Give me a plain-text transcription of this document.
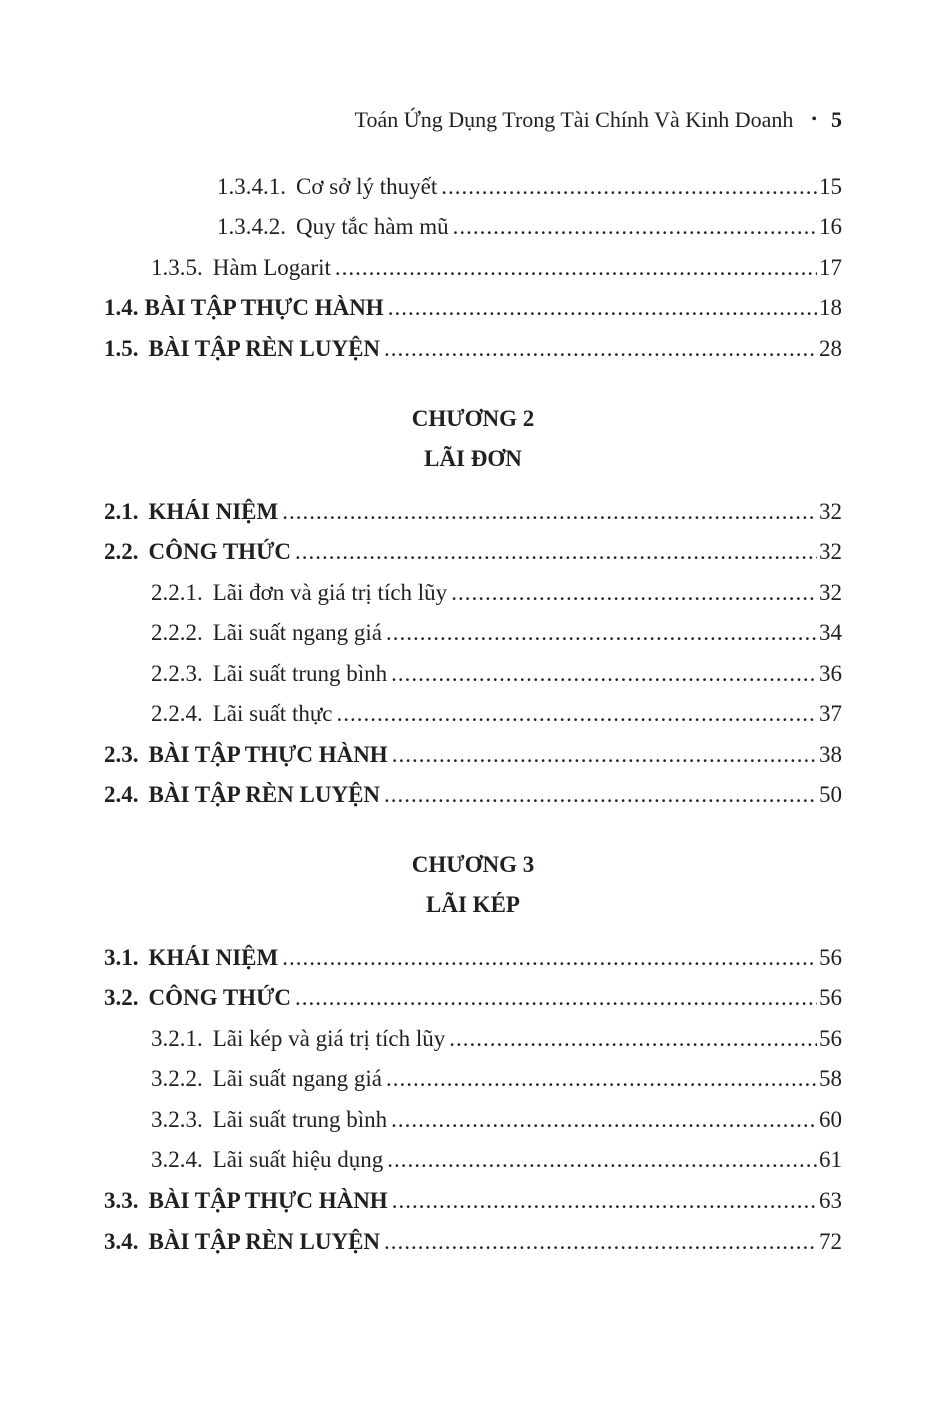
Toán Ứng Dụng Trong Tài Chính Và Kinh Doanh • 5
1.3.4.1. Cơ sở lý thuyết .....	15
1.3.4.2. Quy tắc hàm mũ .....	16
1.3.5. Hàm Logarit .....	17
1.4. BÀI TẬP THỰC HÀNH .....	18
1.5. BÀI TẬP RÈN LUYỆN .....	28
CHƯƠNG 2
LÃI ĐƠN
2.1. KHÁI NIỆM .....	32
2.2. CÔNG THỨC .....	32
2.2.1. Lãi đơn và giá trị tích lũy .....	32
2.2.2. Lãi suất ngang giá .....	34
2.2.3. Lãi suất trung bình .....	36
2.2.4. Lãi suất thực .....	37
2.3. BÀI TẬP THỰC HÀNH .....	38
2.4. BÀI TẬP RÈN LUYỆN .....	50
CHƯƠNG 3
LÃI KÉP
3.1. KHÁI NIỆM .....	56
3.2. CÔNG THỨC .....	56
3.2.1. Lãi kép và giá trị tích lũy .....	56
3.2.2. Lãi suất ngang giá .....	58
3.2.3. Lãi suất trung bình .....	60
3.2.4. Lãi suất hiệu dụng .....	61
3.3. BÀI TẬP THỰC HÀNH .....	63
3.4. BÀI TẬP RÈN LUYỆN .....	72
